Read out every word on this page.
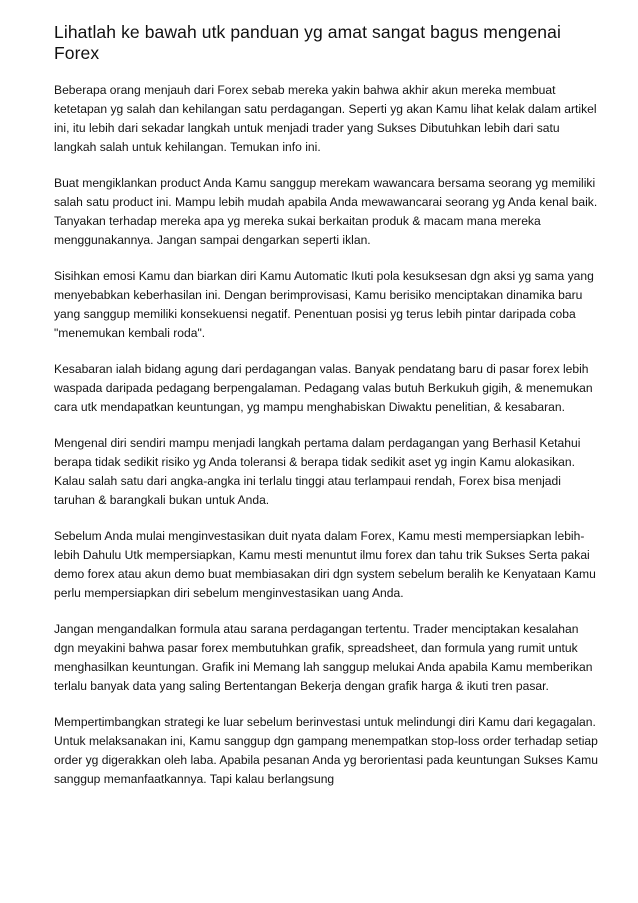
Lihatlah ke bawah utk panduan yg amat sangat bagus mengenai Forex

Beberapa orang menjauh dari Forex sebab mereka yakin bahwa akhir akun mereka membuat ketetapan yg salah dan kehilangan satu perdagangan. Seperti yg akan Kamu lihat kelak dalam artikel ini, itu lebih dari sekadar langkah untuk menjadi trader yang Sukses Dibutuhkan lebih dari satu langkah salah untuk kehilangan. Temukan info ini.

Buat mengiklankan product Anda Kamu sanggup merekam wawancara bersama seorang yg memiliki salah satu product ini. Mampu lebih mudah apabila Anda mewawancarai seorang yg Anda kenal baik. Tanyakan terhadap mereka apa yg mereka sukai berkaitan produk & macam mana mereka menggunakannya. Jangan sampai dengarkan seperti iklan.

Sisihkan emosi Kamu dan biarkan diri Kamu Automatic Ikuti pola kesuksesan dgn aksi yg sama yang menyebabkan keberhasilan ini. Dengan berimprovisasi, Kamu berisiko menciptakan dinamika baru yang sanggup memiliki konsekuensi negatif. Penentuan posisi yg terus lebih pintar daripada coba "menemukan kembali roda".

Kesabaran ialah bidang agung dari perdagangan valas. Banyak pendatang baru di pasar forex lebih waspada daripada pedagang berpengalaman. Pedagang valas butuh Berkukuh gigih, & menemukan cara utk mendapatkan keuntungan, yg mampu menghabiskan Diwaktu penelitian, & kesabaran.

Mengenal diri sendiri mampu menjadi langkah pertama dalam perdagangan yang Berhasil Ketahui berapa tidak sedikit risiko yg Anda toleransi & berapa tidak sedikit aset yg ingin Kamu alokasikan. Kalau salah satu dari angka-angka ini terlalu tinggi atau terlampaui rendah, Forex bisa menjadi taruhan & barangkali bukan untuk Anda.

Sebelum Anda mulai menginvestasikan duit nyata dalam Forex, Kamu mesti mempersiapkan lebih-lebih Dahulu Utk mempersiapkan, Kamu mesti menuntut ilmu forex dan tahu trik Sukses Serta pakai demo forex atau akun demo buat membiasakan diri dgn system sebelum beralih ke Kenyataan Kamu perlu mempersiapkan diri sebelum menginvestasikan uang Anda.

Jangan mengandalkan formula atau sarana perdagangan tertentu. Trader menciptakan kesalahan dgn meyakini bahwa pasar forex membutuhkan grafik, spreadsheet, dan formula yang rumit untuk menghasilkan keuntungan. Grafik ini Memang lah sanggup melukai Anda apabila Kamu memberikan terlalu banyak data yang saling Bertentangan Bekerja dengan grafik harga & ikuti tren pasar.

Mempertimbangkan strategi ke luar sebelum berinvestasi untuk melindungi diri Kamu dari kegagalan. Untuk melaksanakan ini, Kamu sanggup dgn gampang menempatkan stop-loss order terhadap setiap order yg digerakkan oleh laba. Apabila pesanan Anda yg berorientasi pada keuntungan Sukses Kamu sanggup memanfaatkannya. Tapi kalau berlangsung
